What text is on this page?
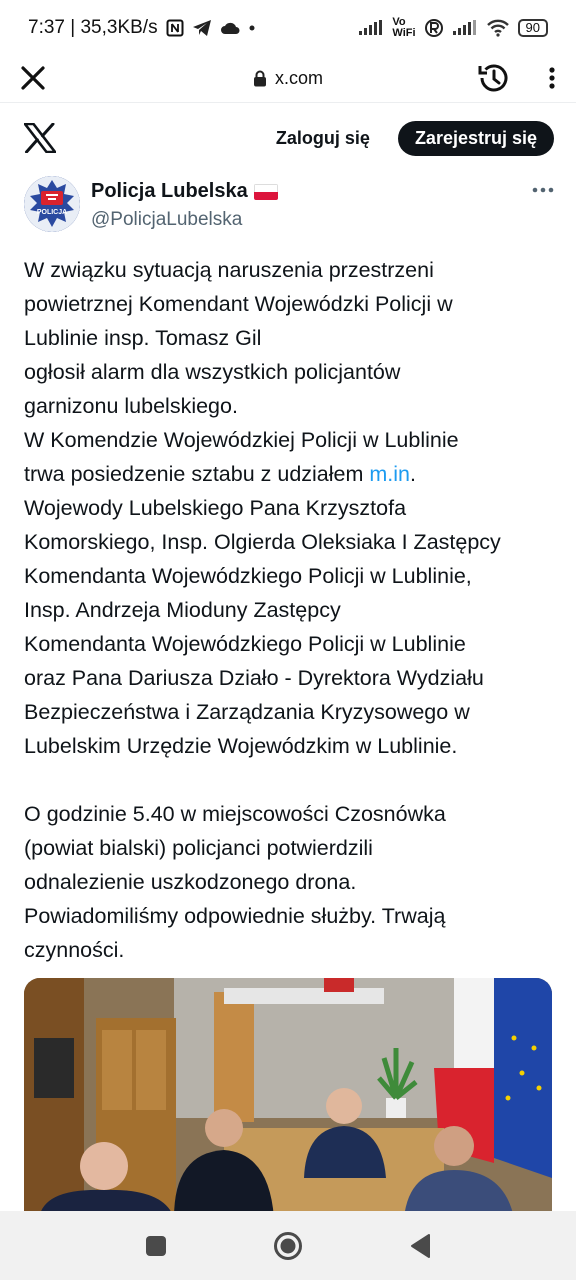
7:37 | 35,3KB/s	Vo
WiFi	90
x.com
Zaloguj się	Zarejestruj się
POLICJA
Policja Lubelska
@PolicjaLubelska
W związku sytuacją naruszenia przestrzeni
powietrznej Komendant Wojewódzki Policji w
Lublinie insp. Tomasz Gil
ogłosił alarm dla wszystkich policjantów
garnizonu lubelskiego.
W Komendzie Wojewódzkiej Policji w Lublinie
trwa posiedzenie sztabu z udziałem m.in.
Wojewody Lubelskiego Pana Krzysztofa
Komorskiego, Insp. Olgierda Oleksiaka I Zastępcy
Komendanta Wojewódzkiego Policji w Lublinie,
Insp. Andrzeja Mioduny Zastępcy
Komendanta Wojewódzkiego Policji w Lublinie
oraz Pana Dariusza Działo - Dyrektora Wydziału
Bezpieczeństwa i Zarządzania Kryzysowego w
Lubelskim Urzędzie Wojewódzkim w Lublinie.

O godzinie 5.40 w miejscowości Czosnówka
(powiat bialski) policjanci potwierdzili
odnalezienie uszkodzonego drona.
Powiadomiliśmy odpowiednie służby. Trwają
czynności.
